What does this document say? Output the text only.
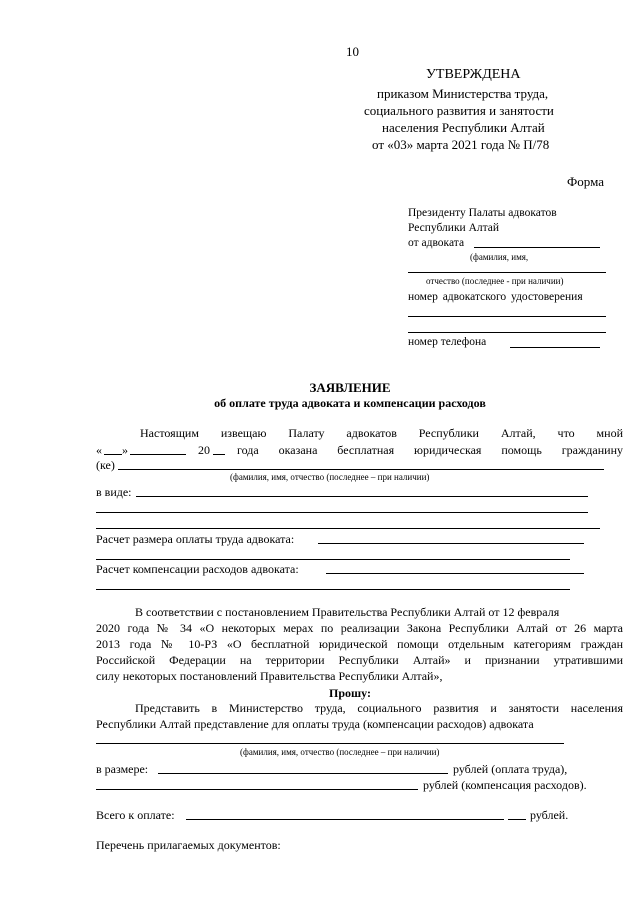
10
УТВЕРЖДЕНА
приказом Министерства труда,
социального развития и занятости
населения Республики Алтай
от «03» марта 2021 года № П/78
Форма
Президенту Палаты адвокатов
Республики Алтай
от адвоката
(фамилия, имя,
отчество (последнее - при наличии)
номер адвокатского удостоверения
номер телефона
ЗАЯВЛЕНИЕ
об оплате труда адвоката и компенсации расходов
Настоящим извещаю Палату адвокатов Республики Алтай, что мной
« »	20 года оказана бесплатная юридическая помощь гражданину
(ке)
(фамилия, имя, отчество (последнее – при наличии)
в виде:
Расчет размера оплаты труда адвоката:
Расчет компенсации расходов адвоката:
В соответствии с постановлением Правительства Республики Алтай от 12 февраля
2020 года № 34 «О некоторых мерах по реализации Закона Республики Алтай от 26 марта
2013 года № 10-РЗ «О бесплатной юридической помощи отдельным категориям граждан
Российской Федерации на территории Республики Алтай» и признании утратившими
силу некоторых постановлений Правительства Республики Алтай»,
Прошу:
Представить в Министерство труда, социального развития и занятости населения
Республики Алтай представление для оплаты труда (компенсации расходов) адвоката
(фамилия, имя, отчество (последнее – при наличии)
в размере:	рублей (оплата труда),
рублей (компенсация расходов).
Всего к оплате:	рублей.
Перечень прилагаемых документов:
